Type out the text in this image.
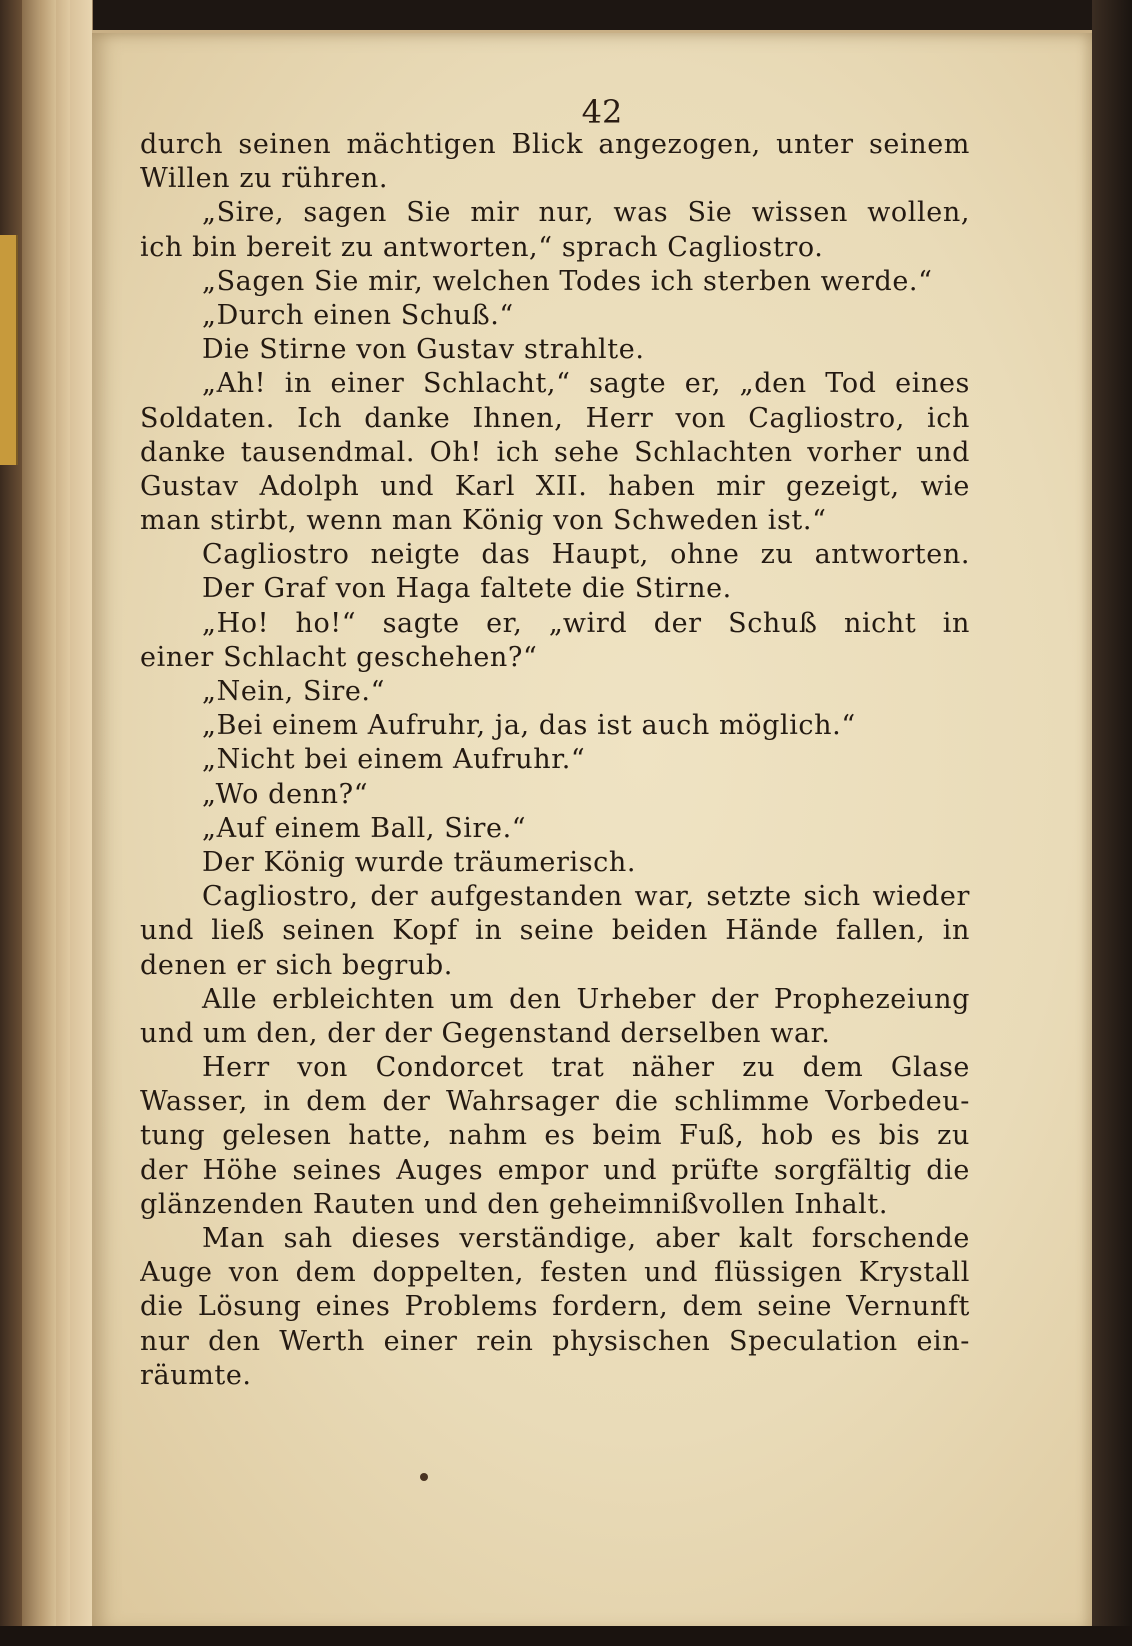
42
durch seinen mächtigen Blick angezogen, unter seinem
Willen zu rühren.
„Sire, sagen Sie mir nur, was Sie wissen wollen,
ich bin bereit zu antworten,“ sprach Cagliostro.
„Sagen Sie mir, welchen Todes ich sterben werde.“
„Durch einen Schuß.“
Die Stirne von Gustav strahlte.
„Ah! in einer Schlacht,“ sagte er, „den Tod eines
Soldaten. Ich danke Ihnen, Herr von Cagliostro, ich
danke tausendmal. Oh! ich sehe Schlachten vorher und
Gustav Adolph und Karl XII. haben mir gezeigt, wie
man stirbt, wenn man König von Schweden ist.“
Cagliostro neigte das Haupt, ohne zu antworten.
Der Graf von Haga faltete die Stirne.
„Ho! ho!“ sagte er, „wird der Schuß nicht in
einer Schlacht geschehen?“
„Nein, Sire.“
„Bei einem Aufruhr, ja, das ist auch möglich.“
„Nicht bei einem Aufruhr.“
„Wo denn?“
„Auf einem Ball, Sire.“
Der König wurde träumerisch.
Cagliostro, der aufgestanden war, setzte sich wieder
und ließ seinen Kopf in seine beiden Hände fallen, in
denen er sich begrub.
Alle erbleichten um den Urheber der Prophezeiung
und um den, der der Gegenstand derselben war.
Herr von Condorcet trat näher zu dem Glase
Wasser, in dem der Wahrsager die schlimme Vorbedeu-
tung gelesen hatte, nahm es beim Fuß, hob es bis zu
der Höhe seines Auges empor und prüfte sorgfältig die
glänzenden Rauten und den geheimnißvollen Inhalt.
Man sah dieses verständige, aber kalt forschende
Auge von dem doppelten, festen und flüssigen Krystall
die Lösung eines Problems fordern, dem seine Vernunft
nur den Werth einer rein physischen Speculation ein-
räumte.
